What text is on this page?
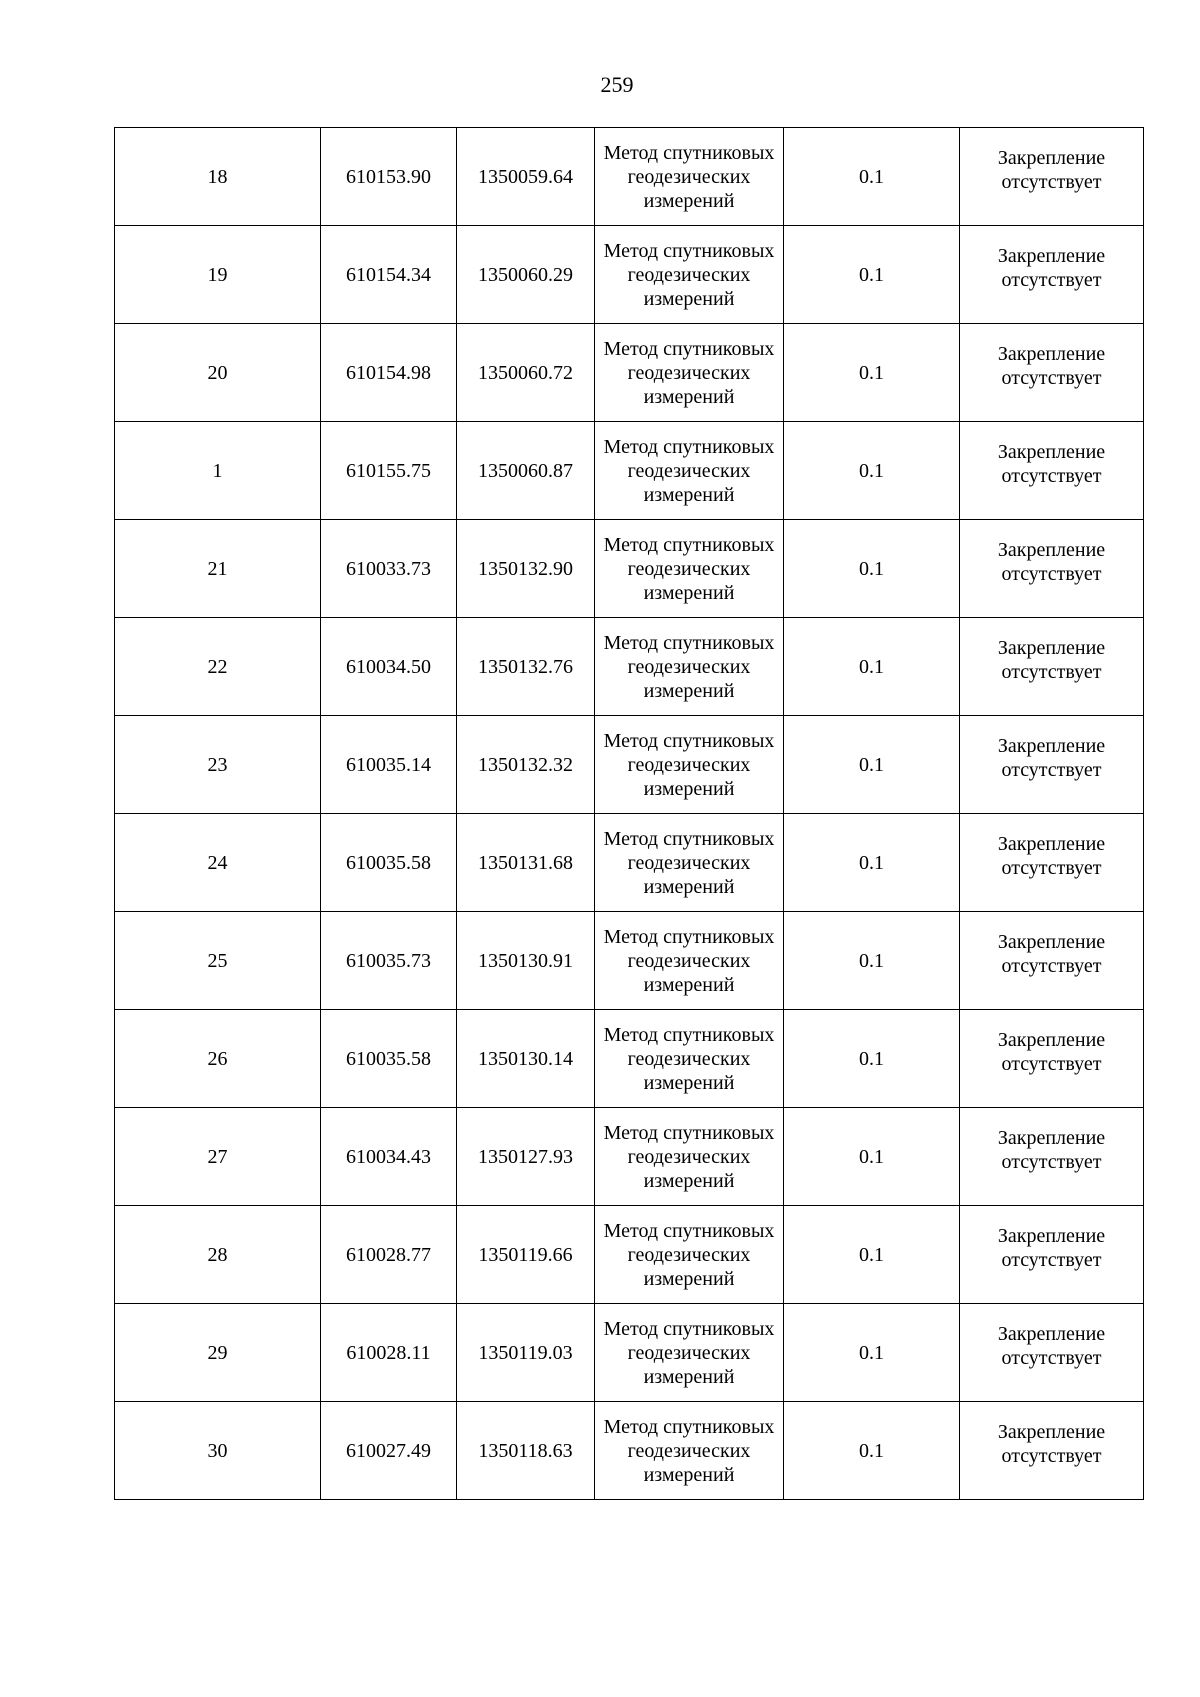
259
18	610153.90	1350059.64	Метод спутниковых геодезических измерений	0.1	Закрепление отсутствует
19	610154.34	1350060.29	Метод спутниковых геодезических измерений	0.1	Закрепление отсутствует
20	610154.98	1350060.72	Метод спутниковых геодезических измерений	0.1	Закрепление отсутствует
1	610155.75	1350060.87	Метод спутниковых геодезических измерений	0.1	Закрепление отсутствует
21	610033.73	1350132.90	Метод спутниковых геодезических измерений	0.1	Закрепление отсутствует
22	610034.50	1350132.76	Метод спутниковых геодезических измерений	0.1	Закрепление отсутствует
23	610035.14	1350132.32	Метод спутниковых геодезических измерений	0.1	Закрепление отсутствует
24	610035.58	1350131.68	Метод спутниковых геодезических измерений	0.1	Закрепление отсутствует
25	610035.73	1350130.91	Метод спутниковых геодезических измерений	0.1	Закрепление отсутствует
26	610035.58	1350130.14	Метод спутниковых геодезических измерений	0.1	Закрепление отсутствует
27	610034.43	1350127.93	Метод спутниковых геодезических измерений	0.1	Закрепление отсутствует
28	610028.77	1350119.66	Метод спутниковых геодезических измерений	0.1	Закрепление отсутствует
29	610028.11	1350119.03	Метод спутниковых геодезических измерений	0.1	Закрепление отсутствует
30	610027.49	1350118.63	Метод спутниковых геодезических измерений	0.1	Закрепление отсутствует
